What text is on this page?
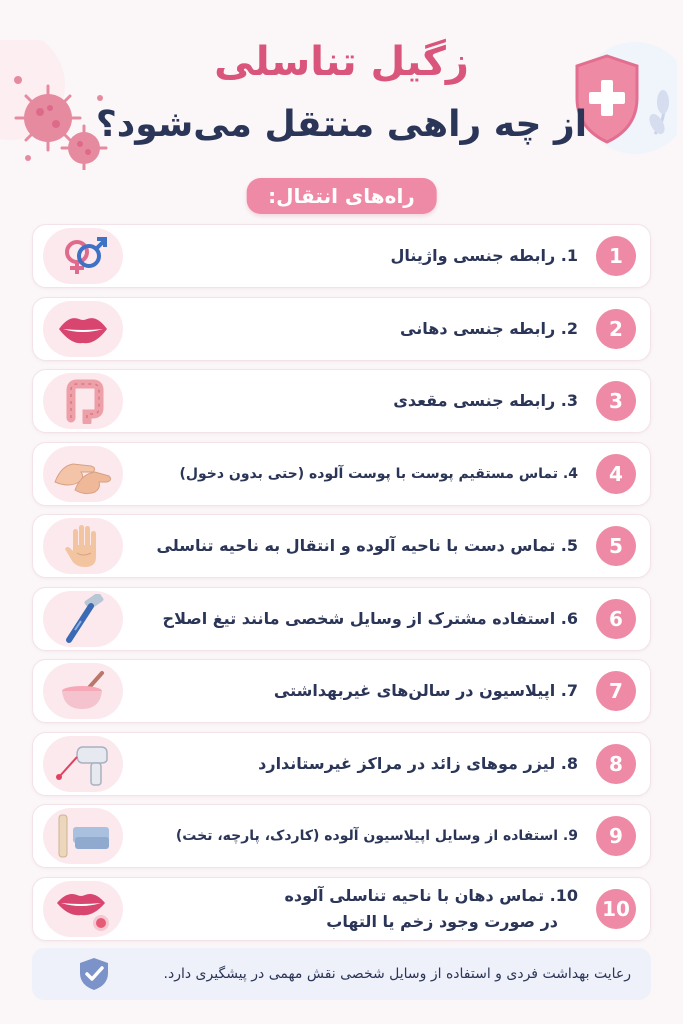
زگیل تناسلی
از چه راهی منتقل می‌شود؟
راه‌های انتقال:
1
1. رابطه جنسی واژینال
2
2. رابطه جنسی دهانی
3
3. رابطه جنسی مقعدی
4
4. تماس مستقیم پوست با پوست آلوده (حتی بدون دخول)
5
5. تماس دست با ناحیه آلوده و انتقال به ناحیه تناسلی
6
6. استفاده مشترک از وسایل شخصی مانند تیغ اصلاح
7
7. اپیلاسیون در سالن‌های غیربهداشتی
8
8. لیزر موهای زائد در مراکز غیرستاندارد
9
9. استفاده از وسایل اپیلاسیون آلوده (کاردک، پارچه، تخت)
10
10. تماس دهان با ناحیه تناسلی آلوده
در صورت وجود زخم یا التهاب
رعایت بهداشت فردی و استفاده از وسایل شخصی نقش مهمی در پیشگیری دارد.
